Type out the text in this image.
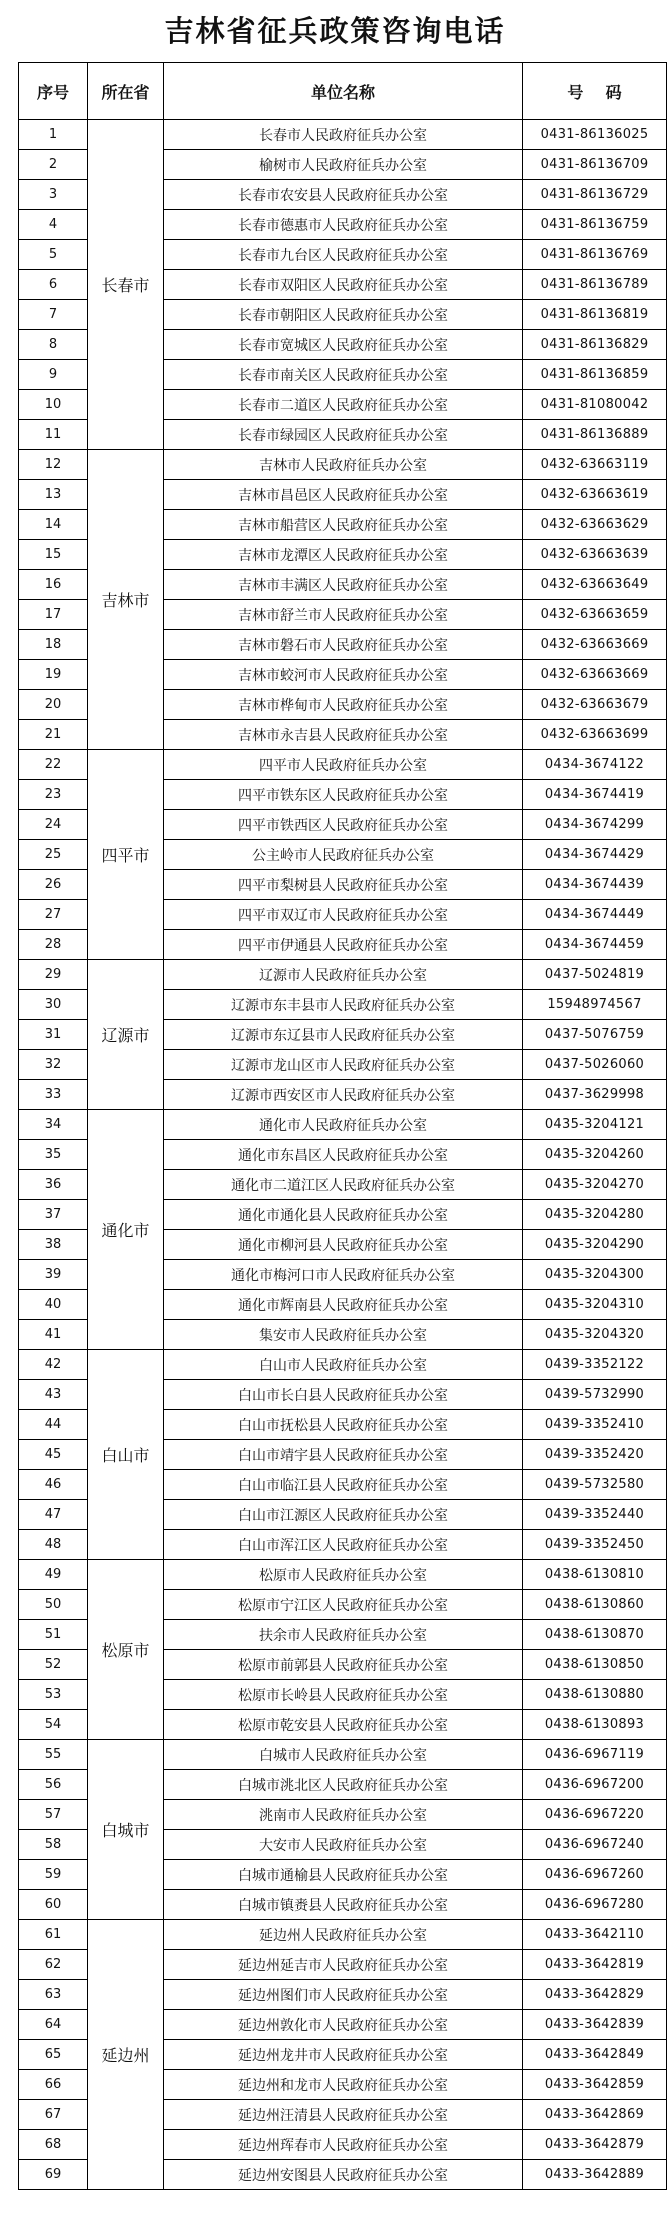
吉林省征兵政策咨询电话
序号	所在省	单位名称	号    码
1	长春市	长春市人民政府征兵办公室	0431-86136025
2		榆树市人民政府征兵办公室	0431-86136709
3		长春市农安县人民政府征兵办公室	0431-86136729
4		长春市德惠市人民政府征兵办公室	0431-86136759
5		长春市九台区人民政府征兵办公室	0431-86136769
6		长春市双阳区人民政府征兵办公室	0431-86136789
7		长春市朝阳区人民政府征兵办公室	0431-86136819
8		长春市宽城区人民政府征兵办公室	0431-86136829
9		长春市南关区人民政府征兵办公室	0431-86136859
10		长春市二道区人民政府征兵办公室	0431-81080042
11		长春市绿园区人民政府征兵办公室	0431-86136889
12	吉林市	吉林市人民政府征兵办公室	0432-63663119
13		吉林市昌邑区人民政府征兵办公室	0432-63663619
14		吉林市船营区人民政府征兵办公室	0432-63663629
15		吉林市龙潭区人民政府征兵办公室	0432-63663639
16		吉林市丰满区人民政府征兵办公室	0432-63663649
17		吉林市舒兰市人民政府征兵办公室	0432-63663659
18		吉林市磐石市人民政府征兵办公室	0432-63663669
19		吉林市蛟河市人民政府征兵办公室	0432-63663669
20		吉林市桦甸市人民政府征兵办公室	0432-63663679
21		吉林市永吉县人民政府征兵办公室	0432-63663699
22	四平市	四平市人民政府征兵办公室	0434-3674122
23		四平市铁东区人民政府征兵办公室	0434-3674419
24		四平市铁西区人民政府征兵办公室	0434-3674299
25		公主岭市人民政府征兵办公室	0434-3674429
26		四平市梨树县人民政府征兵办公室	0434-3674439
27		四平市双辽市人民政府征兵办公室	0434-3674449
28		四平市伊通县人民政府征兵办公室	0434-3674459
29	辽源市	辽源市人民政府征兵办公室	0437-5024819
30		辽源市东丰县市人民政府征兵办公室	15948974567
31		辽源市东辽县市人民政府征兵办公室	0437-5076759
32		辽源市龙山区市人民政府征兵办公室	0437-5026060
33		辽源市西安区市人民政府征兵办公室	0437-3629998
34	通化市	通化市人民政府征兵办公室	0435-3204121
35		通化市东昌区人民政府征兵办公室	0435-3204260
36		通化市二道江区人民政府征兵办公室	0435-3204270
37		通化市通化县人民政府征兵办公室	0435-3204280
38		通化市柳河县人民政府征兵办公室	0435-3204290
39		通化市梅河口市人民政府征兵办公室	0435-3204300
40		通化市辉南县人民政府征兵办公室	0435-3204310
41		集安市人民政府征兵办公室	0435-3204320
42	白山市	白山市人民政府征兵办公室	0439-3352122
43		白山市长白县人民政府征兵办公室	0439-5732990
44		白山市抚松县人民政府征兵办公室	0439-3352410
45		白山市靖宇县人民政府征兵办公室	0439-3352420
46		白山市临江县人民政府征兵办公室	0439-5732580
47		白山市江源区人民政府征兵办公室	0439-3352440
48		白山市浑江区人民政府征兵办公室	0439-3352450
49	松原市	松原市人民政府征兵办公室	0438-6130810
50		松原市宁江区人民政府征兵办公室	0438-6130860
51		扶余市人民政府征兵办公室	0438-6130870
52		松原市前郭县人民政府征兵办公室	0438-6130850
53		松原市长岭县人民政府征兵办公室	0438-6130880
54		松原市乾安县人民政府征兵办公室	0438-6130893
55	白城市	白城市人民政府征兵办公室	0436-6967119
56		白城市洮北区人民政府征兵办公室	0436-6967200
57		洮南市人民政府征兵办公室	0436-6967220
58		大安市人民政府征兵办公室	0436-6967240
59		白城市通榆县人民政府征兵办公室	0436-6967260
60		白城市镇赉县人民政府征兵办公室	0436-6967280
61	延边州	延边州人民政府征兵办公室	0433-3642110
62		延边州延吉市人民政府征兵办公室	0433-3642819
63		延边州图们市人民政府征兵办公室	0433-3642829
64		延边州敦化市人民政府征兵办公室	0433-3642839
65		延边州龙井市人民政府征兵办公室	0433-3642849
66		延边州和龙市人民政府征兵办公室	0433-3642859
67		延边州汪清县人民政府征兵办公室	0433-3642869
68		延边州珲春市人民政府征兵办公室	0433-3642879
69		延边州安图县人民政府征兵办公室	0433-3642889
